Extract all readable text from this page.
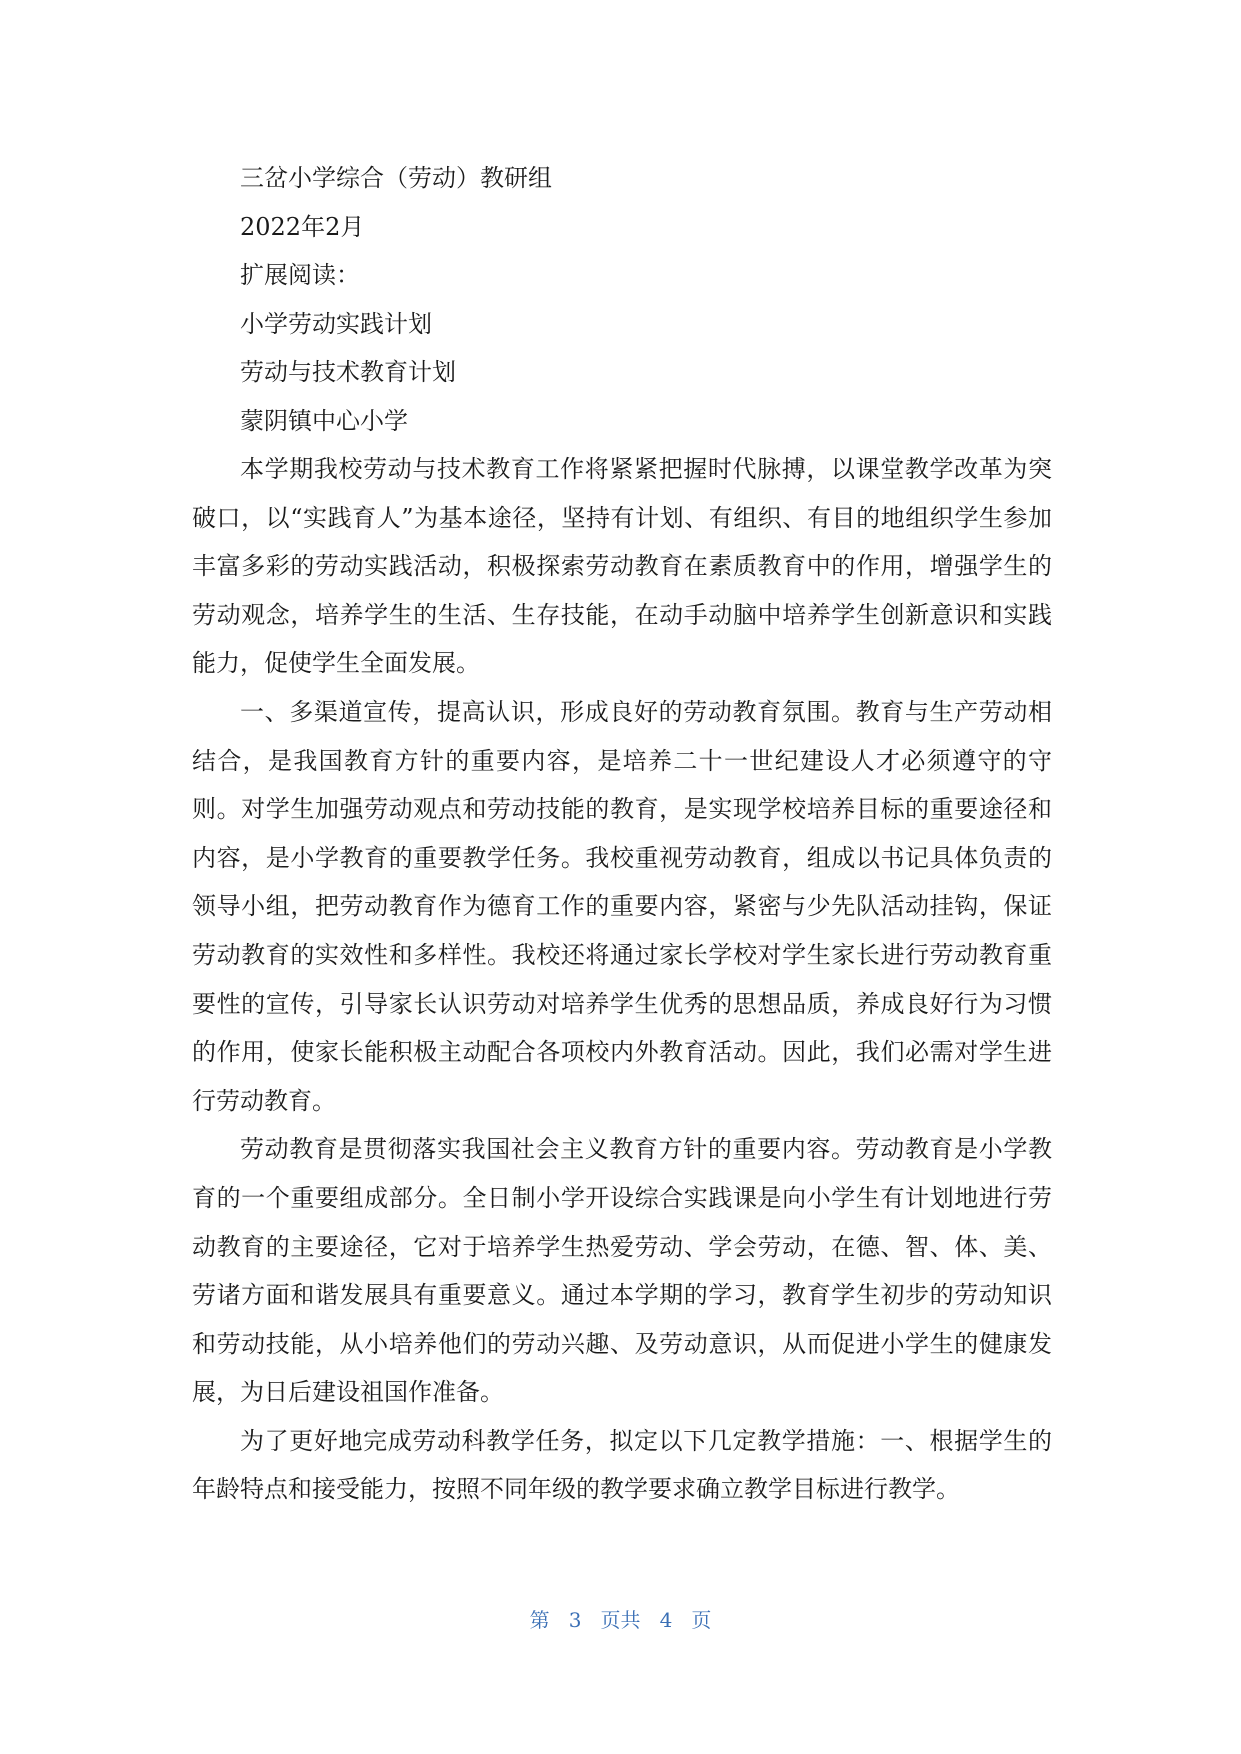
三岔小学综合（劳动）教研组
2022年2月
扩展阅读：
小学劳动实践计划
劳动与技术教育计划
蒙阴镇中心小学

本学期我校劳动与技术教育工作将紧紧把握时代脉搏，以课堂教学改革为突破口，以“实践育人”为基本途径，坚持有计划、有组织、有目的地组织学生参加丰富多彩的劳动实践活动，积极探索劳动教育在素质教育中的作用，增强学生的劳动观念，培养学生的生活、生存技能，在动手动脑中培养学生创新意识和实践能力，促使学生全面发展。

一、多渠道宣传，提高认识，形成良好的劳动教育氛围。教育与生产劳动相结合，是我国教育方针的重要内容，是培养二十一世纪建设人才必须遵守的守则。对学生加强劳动观点和劳动技能的教育，是实现学校培养目标的重要途径和内容，是小学教育的重要教学任务。我校重视劳动教育，组成以书记具体负责的领导小组，把劳动教育作为德育工作的重要内容，紧密与少先队活动挂钩，保证劳动教育的实效性和多样性。我校还将通过家长学校对学生家长进行劳动教育重要性的宣传，引导家长认识劳动对培养学生优秀的思想品质，养成良好行为习惯的作用，使家长能积极主动配合各项校内外教育活动。因此，我们必需对学生进行劳动教育。

劳动教育是贯彻落实我国社会主义教育方针的重要内容。劳动教育是小学教育的一个重要组成部分。全日制小学开设综合实践课是向小学生有计划地进行劳动教育的主要途径，它对于培养学生热爱劳动、学会劳动，在德、智、体、美、劳诸方面和谐发展具有重要意义。通过本学期的学习，教育学生初步的劳动知识和劳动技能，从小培养他们的劳动兴趣、及劳动意识，从而促进小学生的健康发展，为日后建设祖国作准备。

为了更好地完成劳动科教学任务，拟定以下几定教学措施：一、根据学生的年龄特点和接受能力，按照不同年级的教学要求确立教学目标进行教学。

第 3 页共 4 页
